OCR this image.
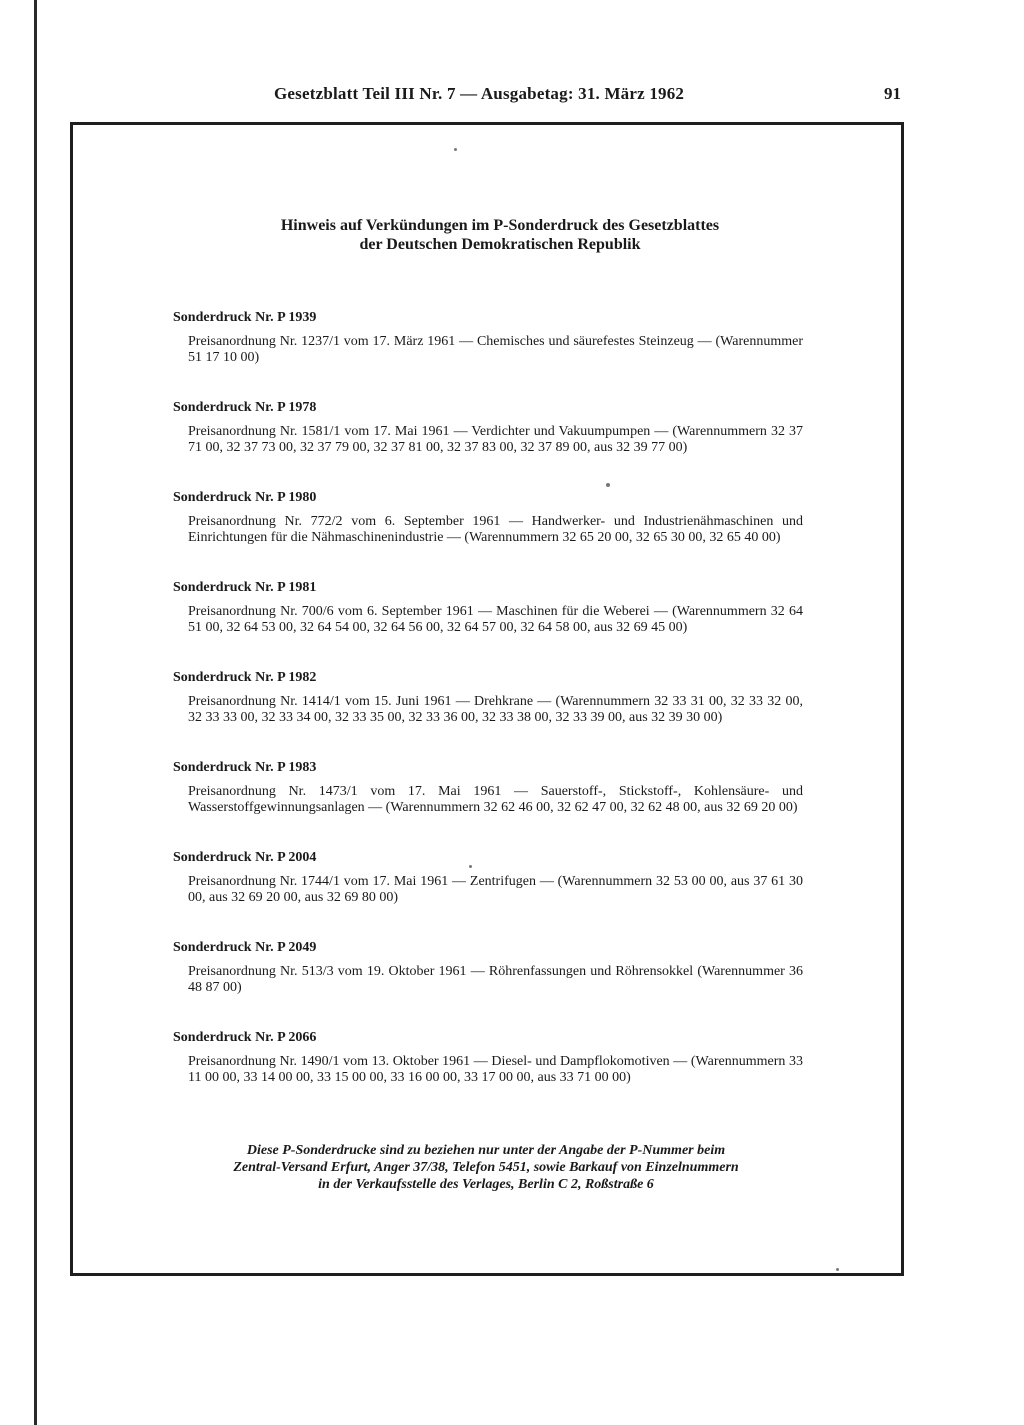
Gesetzblatt Teil III Nr. 7 — Ausgabetag: 31. März 1962	91
Hinweis auf Verkündungen im P-Sonderdruck des Gesetzblattes
der Deutschen Demokratischen Republik
Sonderdruck Nr. P 1939
Preisanordnung Nr. 1237/1 vom 17. März 1961 — Chemisches und säurefestes Steinzeug — (Warennummer 51 17 10 00)
Sonderdruck Nr. P 1978
Preisanordnung Nr. 1581/1 vom 17. Mai 1961 — Verdichter und Vakuumpumpen — (Warennummern 32 37 71 00, 32 37 73 00, 32 37 79 00, 32 37 81 00, 32 37 83 00, 32 37 89 00, aus 32 39 77 00)
Sonderdruck Nr. P 1980
Preisanordnung Nr. 772/2 vom 6. September 1961 — Handwerker- und Industrienähmaschinen und Einrichtungen für die Nähmaschinenindustrie — (Warennummern 32 65 20 00, 32 65 30 00, 32 65 40 00)
Sonderdruck Nr. P 1981
Preisanordnung Nr. 700/6 vom 6. September 1961 — Maschinen für die Weberei — (Warennummern 32 64 51 00, 32 64 53 00, 32 64 54 00, 32 64 56 00, 32 64 57 00, 32 64 58 00, aus 32 69 45 00)
Sonderdruck Nr. P 1982
Preisanordnung Nr. 1414/1 vom 15. Juni 1961 — Drehkrane — (Warennummern 32 33 31 00, 32 33 32 00, 32 33 33 00, 32 33 34 00, 32 33 35 00, 32 33 36 00, 32 33 38 00, 32 33 39 00, aus 32 39 30 00)
Sonderdruck Nr. P 1983
Preisanordnung Nr. 1473/1 vom 17. Mai 1961 — Sauerstoff-, Stickstoff-, Kohlensäure- und Wasserstoffgewinnungsanlagen — (Warennummern 32 62 46 00, 32 62 47 00, 32 62 48 00, aus 32 69 20 00)
Sonderdruck Nr. P 2004
Preisanordnung Nr. 1744/1 vom 17. Mai 1961 — Zentrifugen — (Warennummern 32 53 00 00, aus 37 61 30 00, aus 32 69 20 00, aus 32 69 80 00)
Sonderdruck Nr. P 2049
Preisanordnung Nr. 513/3 vom 19. Oktober 1961 — Röhrenfassungen und Röhrensokkel (Warennummer 36 48 87 00)
Sonderdruck Nr. P 2066
Preisanordnung Nr. 1490/1 vom 13. Oktober 1961 — Diesel- und Dampflokomotiven — (Warennummern 33 11 00 00, 33 14 00 00, 33 15 00 00, 33 16 00 00, 33 17 00 00, aus 33 71 00 00)
Diese P-Sonderdrucke sind zu beziehen nur unter der Angabe der P-Nummer beim
Zentral-Versand Erfurt, Anger 37/38, Telefon 5451, sowie Barkauf von Einzelnummern
in der Verkaufsstelle des Verlages, Berlin C 2, Roßstraße 6
